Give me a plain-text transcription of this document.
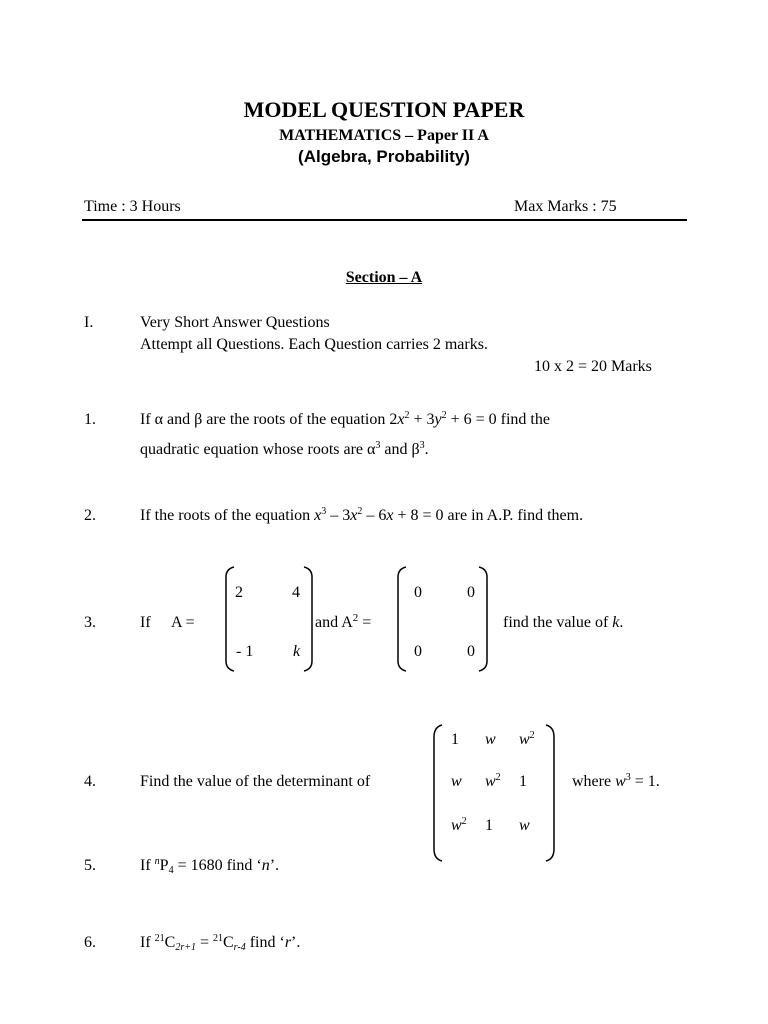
MODEL QUESTION PAPER
MATHEMATICS – Paper II A
(Algebra, Probability)
Time : 3 Hours	Max Marks : 75
Section – A
I.	Very Short Answer Questions
Attempt all Questions. Each Question carries 2 marks.
10 x 2 = 20 Marks
1.	If α and β are the roots of the equation $2x^2 + 3y^2 + 6 = 0$ find the
quadratic equation whose roots are $\alpha^3$ and $\beta^3$.
2.	If the roots of the equation $x^3 - 3x^2 - 6x + 8 = 0$ are in A.P. find them.
3.	If A =
2	4
- 1 k
and $A^2$ =
0	0
0	0
find the value of k.
4.	Find the value of the determinant of
1 w $w^2$
w $w^2$ 1
$w^2$ 1 w
where $w^3 = 1$.
5.	If $^nP_4 = 1680$ find ‘n’.
6.	If $^{21}C_{2r+1} = ^{21}C_{r-4}$ find ‘r’.
